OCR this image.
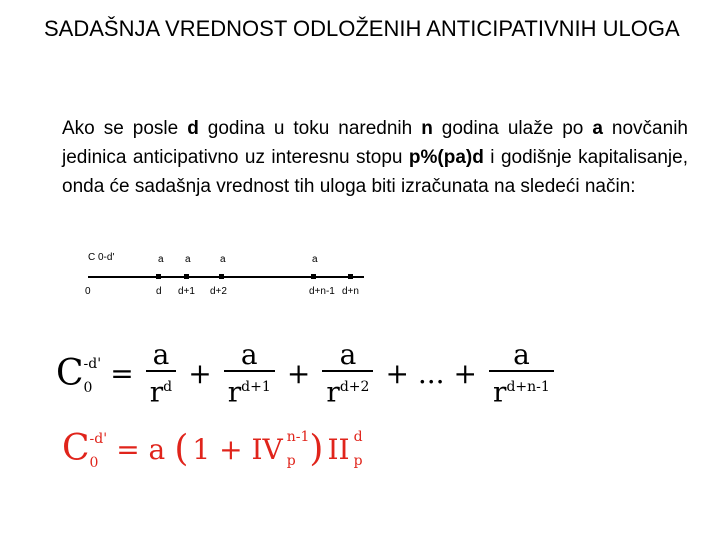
SADAŠNJA VREDNOST ODLOŽENIH ANTICIPATIVNIH ULOGA
Ako se posle d godina u toku narednih n godina ulaže po a novčanih jedinica anticipativno uz interesnu stopu p%(pa)d i godišnje kapitalisanje, onda će sadašnja vrednost tih uloga biti izračunata na sledeći način:
C 0-d'	a a	a	a
0	d d+1 d+2	d+n-1 d+n
C -d'
$0 = \frac{a}{r^d} + \frac{a}{r^{d+1}} + \frac{a}{r^{d+2}}$ + ... + $\frac{a}{r^{d+n-1}}$
C -d'
0 = a ( 1 + IV n-1
p ) II d
p
